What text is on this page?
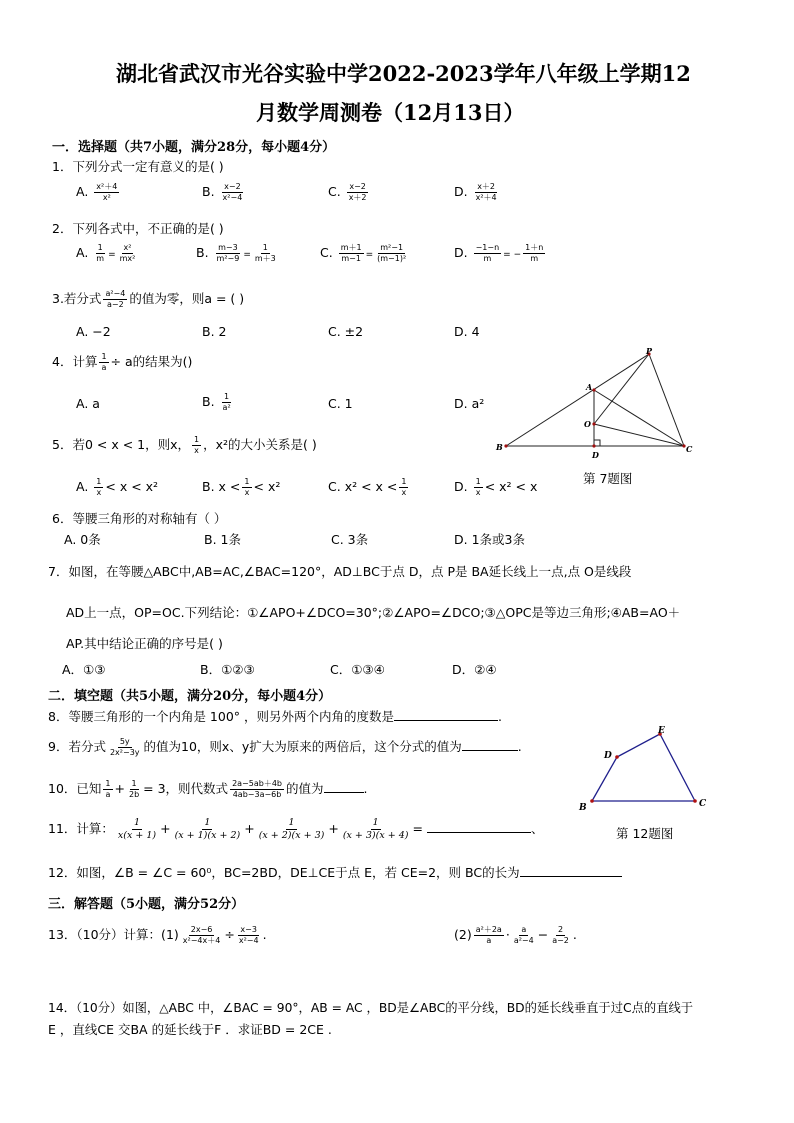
湖北省武汉市光谷实验中学2022-2023学年八年级上学期12
月数学周测卷（12月13日）
一．选择题（共7小题，满分28分，每小题4分）
1．下列分式一定有意义的是( )
A. $\frac{\text{x²＋4}}{\text{x²}}$	B. $\frac{x-2}{\text{x²−4}}$	C. $\frac{x-2}{x+2}$	D. $\frac{x+2}{\text{x²＋4}}$
2．下列各式中，不正确的是( )
A. $\frac{1}{m} = \frac{\text{x²}}{\text{mx²}}$	B. $\frac{m-3}{\text{m²−9}} = \frac{1}{m+3}$	C. $\frac{m+1}{m-1} = \frac{\text{m²−1}}{\text{(m−1)²}}$	D. $\frac{-1-n}{m}$ = − $\frac{1+n}{m}$
3.若分式 $\frac{\text{a²−4}}{a-2}$ 的值为零，则a = ( )
A. −2	B. 2	C. ±2	D. 4
4．计算 $\frac{1}{a} \div a$的结果为()
A. a	B. $\frac{1}{\text{a²}}$	C. 1	D. a²
P
A
O
B
D
C
第 7题图
5．若0 < x < 1，则x， $\frac{1}{x}$ ，x²的大小关系是( )
A. $\frac{1}{x} < x < x^2$	B. $x < \frac{1}{x} < x^2$	C. $x^2 < x < \frac{1}{x}$	D. $\frac{1}{x} < x^2 < x$
6．等腰三角形的对称轴有（ ）
A. 0条	B. 1条	C. 3条	D. 1条或3条
7．如图，在等腰△ABC中,AB=AC,∠BAC=120°，AD⊥BC于点 D，点 P是 BA延长线上一点,点 O是线段
AD上一点，OP=OC.下列结论：①∠APO+∠DCO=30°;②∠APO=∠DCO;③△OPC是等边三角形;④AB=AO＋
AP.其中结论正确的序号是( )
A．①③	B．①②③	C．①③④	D．②④
二．填空题（共5小题，满分20分，每小题4分）
8．等腰三角形的一个内角是 100° ，则另外两个内角的度数是	.
9．若分式 $\frac{5y}{\text{2x²−3y}}$ 的值为10，则x、y扩大为原来的两倍后，这个分式的值为	.
E
D
B	C
第 12题图
10．已知 $\frac{1}{a} + \frac{1}{2b} = 3$，则代数式 $\frac{2a-5ab+4b}{4ab-3a-6b}$ 的值为	.
11．计算： $\frac{1}{x(x + 1)} + \frac{1}{(x + 1)(x + 2)} + \frac{1}{(x + 2)(x + 3)} + \frac{1}{(x + 3)(x + 4)}$ =	、
12．如图，∠B = ∠C = 60⁰，BC=2BD，DE⊥CE于点 E，若 CE=2，则 BC的长为
三．解答题（5小题，满分52分）
13．（10分）计算：$(1) \frac{2x-6}{\text{x²−4x＋4}} \div \frac{x-3}{\text{x²−4}}$ .	$(2) \frac{\text{a²＋2a}}{a} \cdot \frac{a}{\text{a²−4}} - \frac{2}{a-2}$ .
14．（10分）如图，△ABC 中，∠BAC = 90°，AB = AC ，BD是∠ABC的平分线，BD的延长线垂直于过C点的直线于
E ，直线CE 交BA 的延长线于F ．求证BD = 2CE .
